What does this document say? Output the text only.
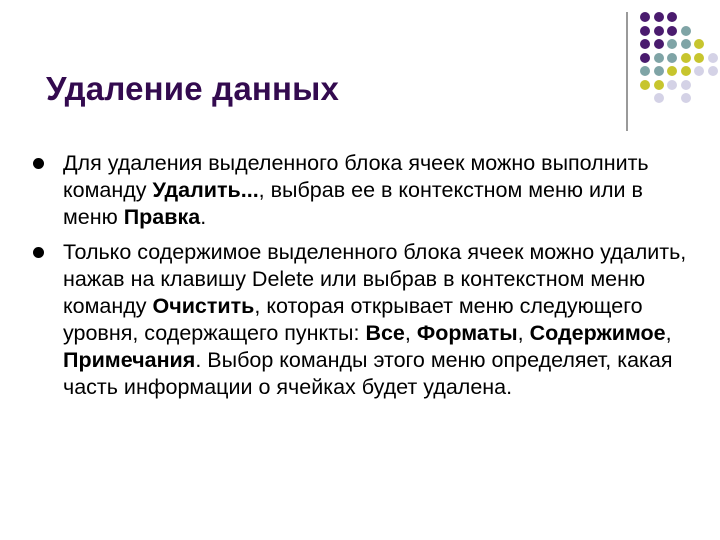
Удаление данных
Для удаления выделенного блока ячеек можно выполнить команду Удалить..., выбрав ее в контекстном меню или в меню Правка.
Только содержимое выделенного блока ячеек можно удалить, нажав на клавишу Delete или выбрав в контекстном меню команду Очистить, которая открывает меню следующего уровня, содержащего пункты: Все, Форматы, Содержимое, Примечания. Выбор команды этого меню определяет, какая часть информации о ячейках будет удалена.
